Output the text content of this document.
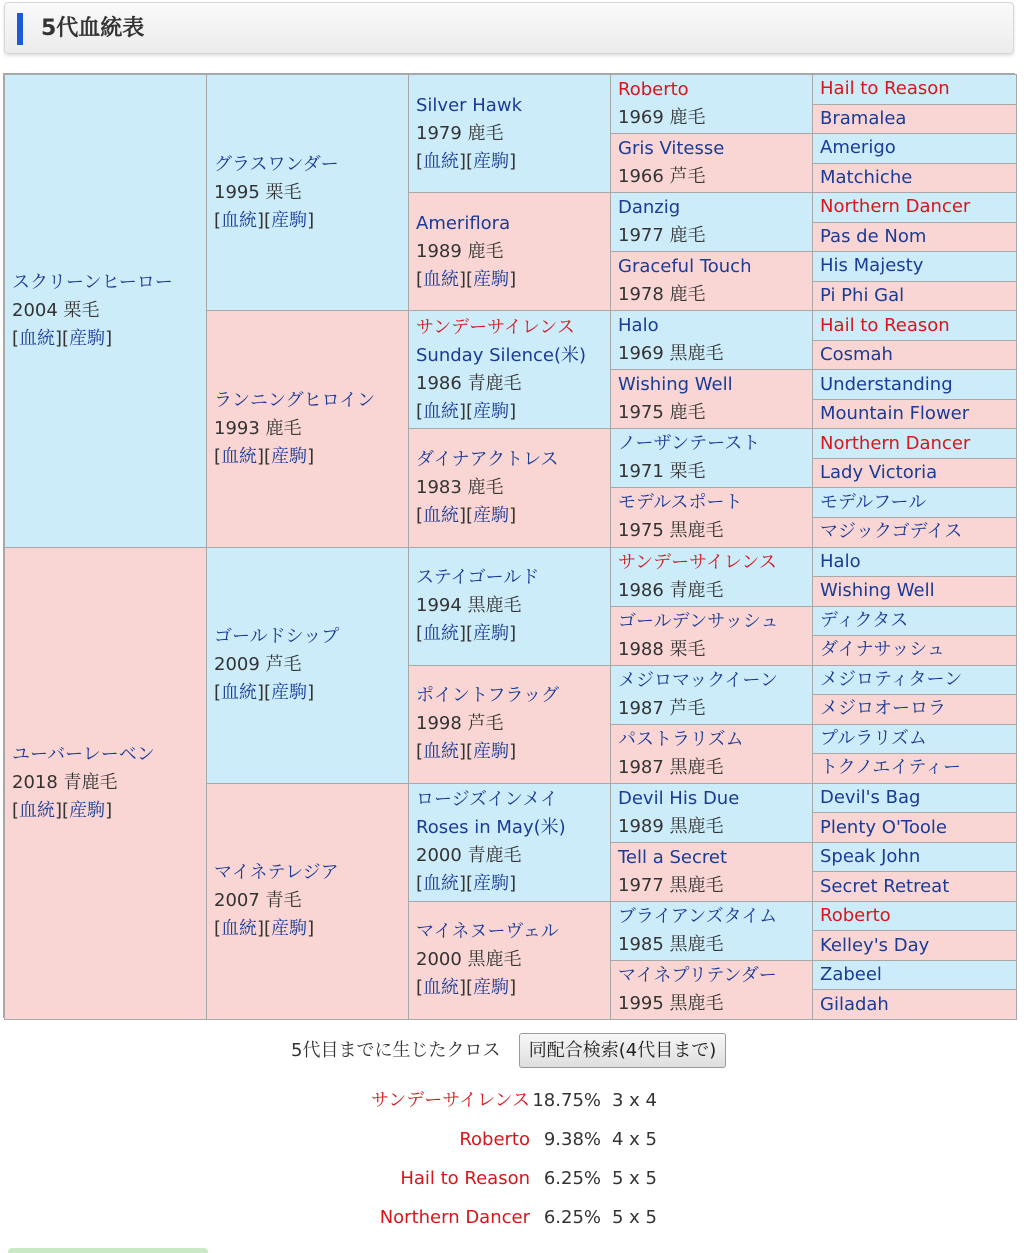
5代血統表
スクリーンヒーロー
2004 栗毛
[血統][産駒]
ユーバーレーベン
2018 青鹿毛
[血統][産駒]
グラスワンダー
1995 栗毛
[血統][産駒]
ランニングヒロイン
1993 鹿毛
[血統][産駒]
ゴールドシップ
2009 芦毛
[血統][産駒]
マイネテレジア
2007 青毛
[血統][産駒]
Silver Hawk
1979 鹿毛
[血統][産駒]
Ameriflora
1989 鹿毛
[血統][産駒]
サンデーサイレンス
Sunday Silence(米)
1986 青鹿毛
[血統][産駒]
ダイナアクトレス
1983 鹿毛
[血統][産駒]
ステイゴールド
1994 黒鹿毛
[血統][産駒]
ポイントフラッグ
1998 芦毛
[血統][産駒]
ロージズインメイ
Roses in May(米)
2000 青鹿毛
[血統][産駒]
マイネヌーヴェル
2000 黒鹿毛
[血統][産駒]
Roberto
1969 鹿毛
Gris Vitesse
1966 芦毛
Danzig
1977 鹿毛
Graceful Touch
1978 鹿毛
Halo
1969 黒鹿毛
Wishing Well
1975 鹿毛
ノーザンテースト
1971 栗毛
モデルスポート
1975 黒鹿毛
サンデーサイレンス
1986 青鹿毛
ゴールデンサッシュ
1988 栗毛
メジロマックイーン
1987 芦毛
パストラリズム
1987 黒鹿毛
Devil His Due
1989 黒鹿毛
Tell a Secret
1977 黒鹿毛
ブライアンズタイム
1985 黒鹿毛
マイネプリテンダー
1995 黒鹿毛
Hail to Reason
Bramalea
Amerigo
Matchiche
Northern Dancer
Pas de Nom
His Majesty
Pi Phi Gal
Hail to Reason
Cosmah
Understanding
Mountain Flower
Northern Dancer
Lady Victoria
モデルフール
マジックゴデイス
Halo
Wishing Well
ディクタス
ダイナサッシュ
メジロティターン
メジロオーロラ
プルラリズム
トクノエイティー
Devil's Bag
Plenty O'Toole
Speak John
Secret Retreat
Roberto
Kelley's Day
Zabeel
Giladah
5代目までに生じたクロス	同配合検索(4代目まで)
サンデーサイレンス 18.75% 3 x 4
Roberto 9.38% 4 x 5
Hail to Reason 6.25% 5 x 5
Northern Dancer 6.25% 5 x 5
